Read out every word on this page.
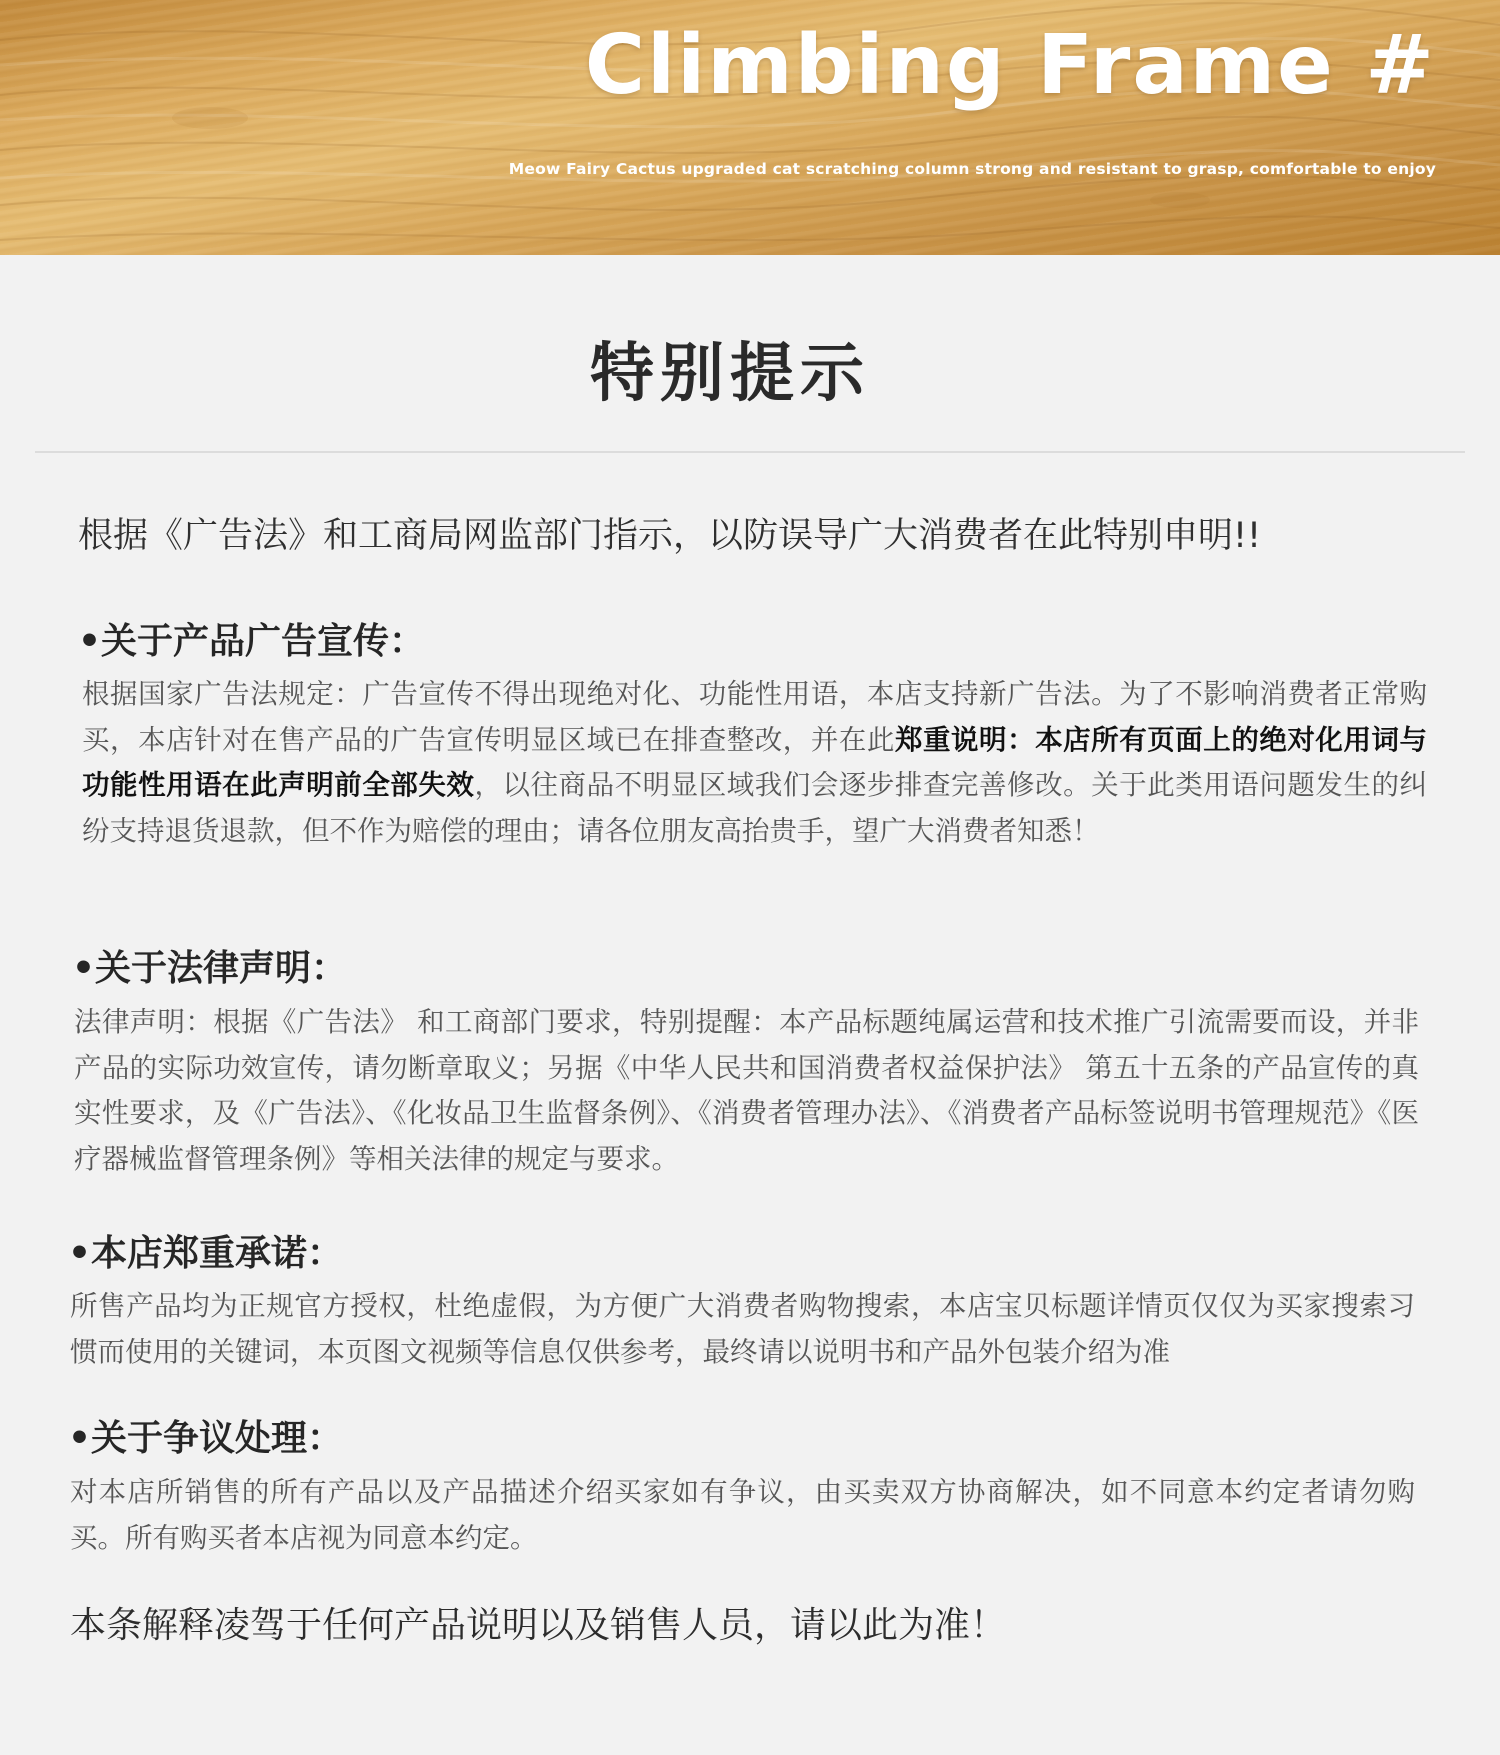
Climbing Frame #
Meow Fairy Cactus upgraded cat scratching column strong and resistant to grasp, comfortable to enjoy
特别提示
根据《广告法》和工商局网监部门指示，以防误导广大消费者在此特别申明!!
•关于产品广告宣传：
根据国家广告法规定：广告宣传不得出现绝对化、功能性用语，本店支持新广告法。为了不影响消费者正常购买，本店针对在售产品的广告宣传明显区域已在排查整改，并在此郑重说明：本店所有页面上的绝对化用词与功能性用语在此声明前全部失效，以往商品不明显区域我们会逐步排查完善修改。关于此类用语问题发生的纠纷支持退货退款，但不作为赔偿的理由；请各位朋友高抬贵手，望广大消费者知悉！
•关于法律声明：
法律声明：根据《广告法》 和工商部门要求，特别提醒：本产品标题纯属运营和技术推广引流需要而设，并非产品的实际功效宣传，请勿断章取义；另据《中华人民共和国消费者权益保护法》 第五十五条的产品宣传的真实性要求，及《广告法》、《化妆品卫生监督条例》、《消费者管理办法》、《消费者产品标签说明书管理规范》《医疗器械监督管理条例》等相关法律的规定与要求。
•本店郑重承诺：
所售产品均为正规官方授权，杜绝虚假，为方便广大消费者购物搜索，本店宝贝标题详情页仅仅为买家搜索习惯而使用的关键词，本页图文视频等信息仅供参考，最终请以说明书和产品外包装介绍为准
•关于争议处理：
对本店所销售的所有产品以及产品描述介绍买家如有争议，由买卖双方协商解决，如不同意本约定者请勿购买。所有购买者本店视为同意本约定。
本条解释凌驾于任何产品说明以及销售人员，请以此为准！
